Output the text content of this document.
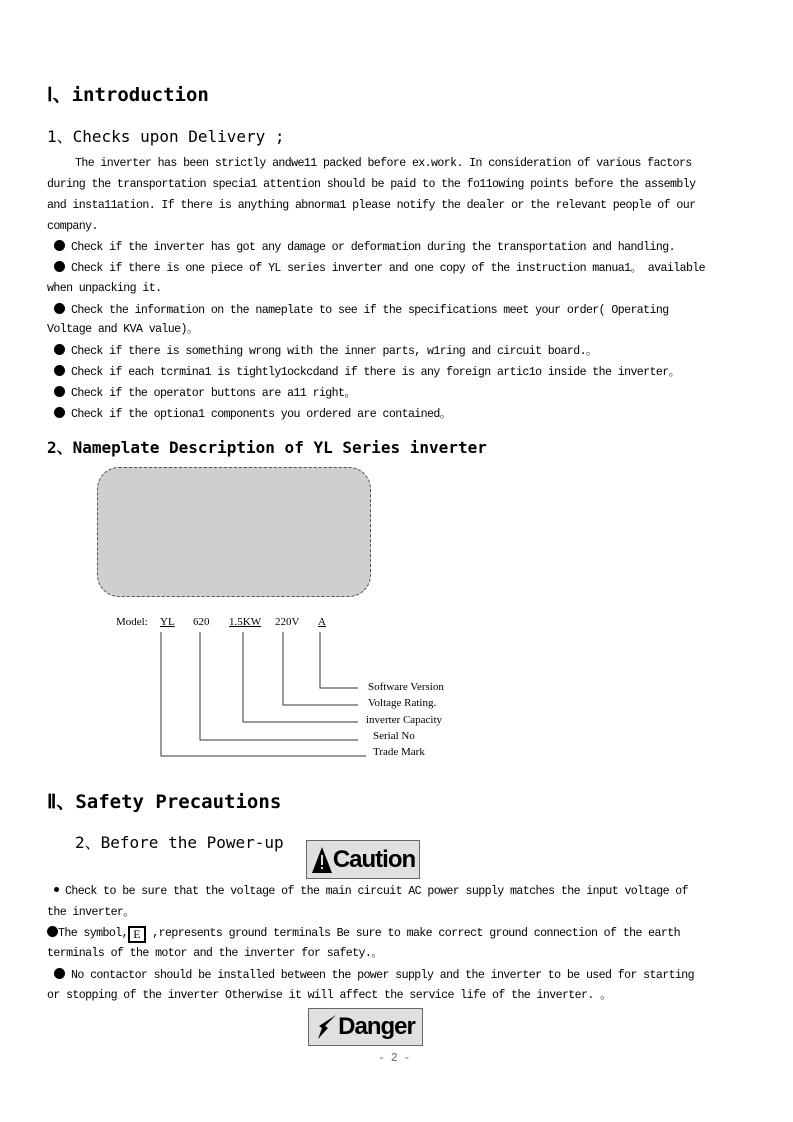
Ⅰ、introduction
1、Checks upon Delivery ;
The inverter has been strictly andwe11 packed before ex.work. In consideration of various factors
during the transportation specia1 attention should be paid to the fo11owing points before the assembly
and insta11ation. If there is anything abnorma1 please notify the dealer or the relevant people of our
company.
Check if the inverter has got any damage or deformation during the transportation and handling.
Check if there is one piece of YL series inverter and one copy of the instruction manua1。 available
when unpacking it.
Check the information on the nameplate to see if the specifications meet your order( Operating
Voltage and KVA value)。
Check if there is something wrong with the inner parts, w1ring and circuit board.。
Check if each tcrmina1 is tightly1ockcdand if there is any foreign artic1o inside the inverter。
Check if the operator buttons are a11 right。
Check if the optiona1 components you ordered are contained。
2、Nameplate Description of YL Series inverter
Model: YL 620 1.5KW 220V A
Software Version
Voltage Rating.
inverter Capacity
Serial No
Trade Mark
Ⅱ、Safety Precautions
2、Before the Power-up
Caution
Check to be sure that the voltage of the main circuit AC power supply matches the input voltage of
the inverter。
The symbol, E ,represents ground terminals Be sure to make correct ground connection of the earth
terminals of the motor and the inverter for safety.。
No contactor should be installed between the power supply and the inverter to be used for starting
or stopping of the inverter Otherwise it will affect the service life of the inverter. 。
Danger
- 2 -
